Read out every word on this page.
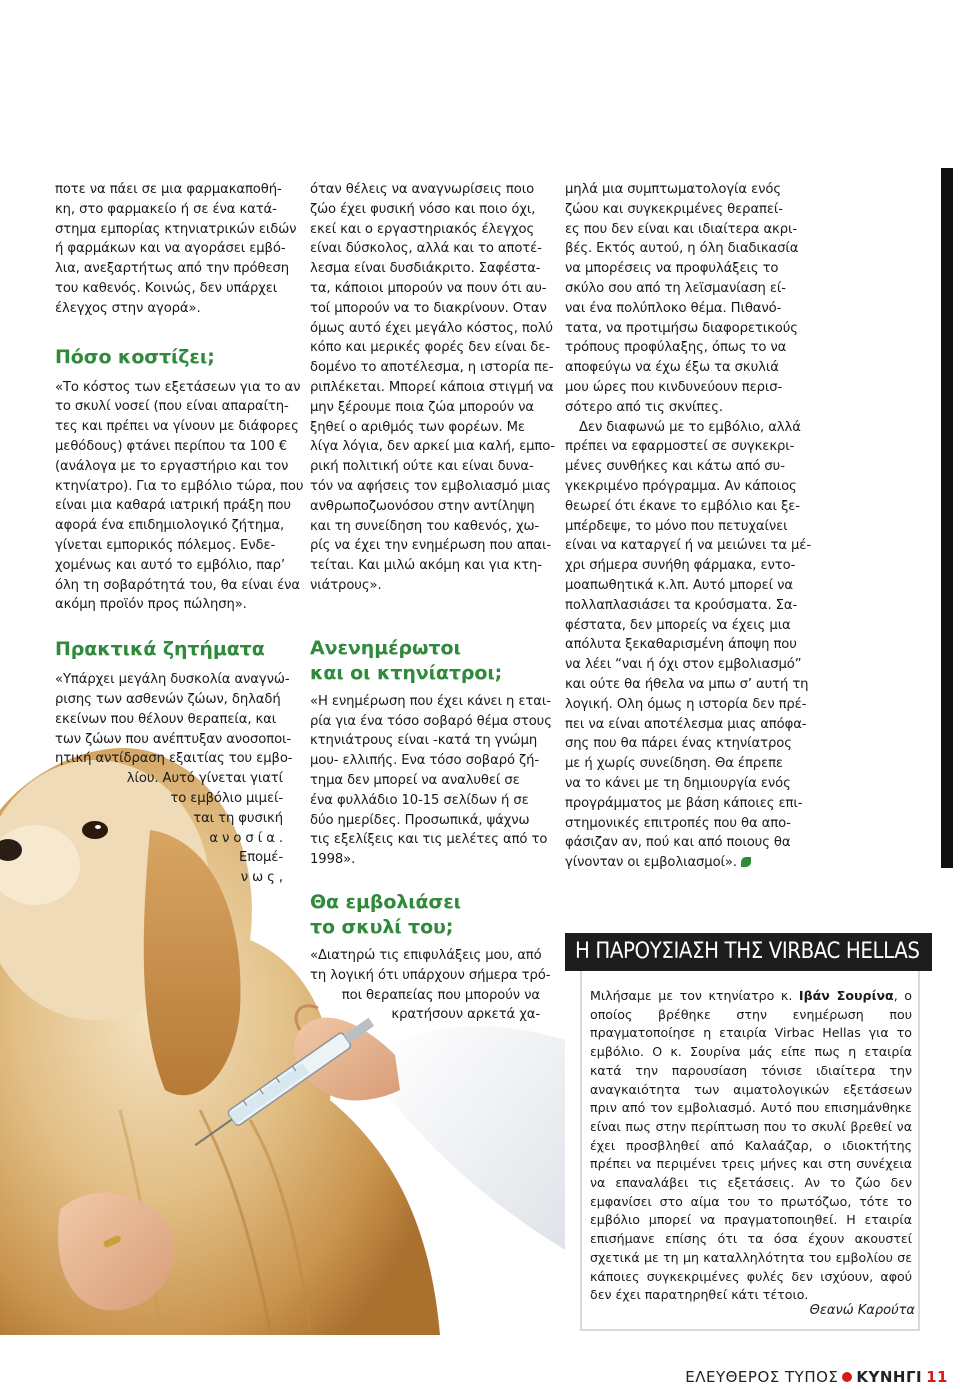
ποτε να πάει σε μια φαρμακαποθή-
κη, στο φαρμακείο ή σε ένα κατά-
στημα εμπορίας κτηνιατρικών ειδών
ή φαρμάκων και να αγοράσει εμβό-
λια, ανεξαρτήτως από την πρόθεση
του καθενός. Κοινώς, δεν υπάρχει
έλεγχος στην αγορά».
Πόσο κοστίζει;
«Το κόστος των εξετάσεων για το αν
το σκυλί νοσεί (που είναι απαραίτη-
τες και πρέπει να γίνουν με διάφορες
μεθόδους) φτάνει περίπου τα 100 €
(ανάλογα με το εργαστήριο και τον
κτηνίατρο). Για το εμβόλιο τώρα, που
είναι μια καθαρά ιατρική πράξη που
αφορά ένα επιδημιολογικό ζήτημα,
γίνεται εμπορικός πόλεμος. Ενδε-
χομένως και αυτό το εμβόλιο, παρ’
όλη τη σοβαρότητά του, θα είναι ένα
ακόμη προϊόν προς πώληση».
Πρακτικά ζητήματα
«Υπάρχει μεγάλη δυσκολία αναγνώ-
ρισης των ασθενών ζώων, δηλαδή
εκείνων που θέλουν θεραπεία, και
των ζώων που ανέπτυξαν ανοσοποι-
ητική αντίδραση εξαιτίας του εμβο-
λίου. Αυτό γίνεται γιατί
το εμβόλιο μιμεί-
ται τη φυσική
α ν ο σ ί α .
Επομέ-
ν ω ς ,
όταν θέλεις να αναγνωρίσεις ποιο
ζώο έχει φυσική νόσο και ποιο όχι,
εκεί και ο εργαστηριακός έλεγχος
είναι δύσκολος, αλλά και το αποτέ-
λεσμα είναι δυσδιάκριτο. Σαφέστα-
τα, κάποιοι μπορούν να πουν ότι αυ-
τοί μπορούν να το διακρίνουν. Οταν
όμως αυτό έχει μεγάλο κόστος, πολύ
κόπο και μερικές φορές δεν είναι δε-
δομένο το αποτέλεσμα, η ιστορία πε-
ριπλέκεται. Μπορεί κάποια στιγμή να
μην ξέρουμε ποια ζώα μπορούν να
ξηθεί ο αριθμός των φορέων. Με
λίγα λόγια, δεν αρκεί μια καλή, εμπο-
ρική πολιτική ούτε και είναι δυνα-
τόν να αφήσεις τον εμβολιασμό μιας
ανθρωποζωονόσου στην αντίληψη
και τη συνείδηση του καθενός, χω-
ρίς να έχει την ενημέρωση που απαι-
τείται. Και μιλώ ακόμη και για κτη-
νιάτρους».
Ανενημέρωτοι
και οι κτηνίατροι;
«Η ενημέρωση που έχει κάνει η εται-
ρία για ένα τόσο σοβαρό θέμα στους
κτηνιάτρους είναι -κατά τη γνώμη
μου- ελλιπής. Ενα τόσο σοβαρό ζή-
τημα δεν μπορεί να αναλυθεί σε
ένα φυλλάδιο 10-15 σελίδων ή σε
δύο ημερίδες. Προσωπικά, ψάχνω
τις εξελίξεις και τις μελέτες από το
1998».
Θα εμβολιάσει
το σκυλί του;
«Διατηρώ τις επιφυλάξεις μου, από
τη λογική ότι υπάρχουν σήμερα τρό-
ποι θεραπείας που μπορούν να
κρατήσουν αρκετά χα-
μηλά μια συμπτωματολογία ενός
ζώου και συγκεκριμένες θεραπεί-
ες που δεν είναι και ιδιαίτερα ακρι-
βές. Εκτός αυτού, η όλη διαδικασία
να μπορέσεις να προφυλάξεις το
σκύλο σου από τη λεϊσμανίαση εί-
ναι ένα πολύπλοκο θέμα. Πιθανό-
τατα, να προτιμήσω διαφορετικούς
τρόπους προφύλαξης, όπως το να
αποφεύγω να έχω έξω τα σκυλιά
μου ώρες που κινδυνεύουν περισ-
σότερο από τις σκνίπες.
Δεν διαφωνώ με το εμβόλιο, αλλά
πρέπει να εφαρμοστεί σε συγκεκρι-
μένες συνθήκες και κάτω από συ-
γκεκριμένο πρόγραμμα. Αν κάποιος
θεωρεί ότι έκανε το εμβόλιο και ξε-
μπέρδεψε, το μόνο που πετυχαίνει
είναι να καταργεί ή να μειώνει τα μέ-
χρι σήμερα συνήθη φάρμακα, εντο-
μοαπωθητικά κ.λπ. Αυτό μπορεί να
πολλαπλασιάσει τα κρούσματα. Σα-
φέστατα, δεν μπορείς να έχεις μια
απόλυτα ξεκαθαρισμένη άποψη που
να λέει “ναι ή όχι στον εμβολιασμό”
και ούτε θα ήθελα να μπω σ’ αυτή τη
λογική. Ολη όμως η ιστορία δεν πρέ-
πει να είναι αποτέλεσμα μιας απόφα-
σης που θα πάρει ένας κτηνίατρος
με ή χωρίς συνείδηση. Θα έπρεπε
να το κάνει με τη δημιουργία ενός
προγράμματος με βάση κάποιες επι-
στημονικές επιτροπές που θα απο-
φάσιζαν αν, πού και από ποιους θα
γίνονταν οι εμβολιασμοί».
Η ΠΑΡΟΥΣΙΑΣΗ ΤΗΣ VIRBAC HELLAS
Μιλήσαμε με τον κτηνίατρο κ. Ιβάν Σουρίνα, ο οποίος βρέθηκε στην ενημέρωση που πραγματοποίησε η εταιρία Virbac Hellas για το εμβόλιο. Ο κ. Σουρίνα μάς είπε πως η εταιρία κατά την παρουσίαση τόνισε ιδιαίτερα την αναγκαιότητα των αιματολογικών εξετάσεων πριν από τον εμβολιασμό. Αυτό που επισημάνθηκε είναι πως στην περίπτωση που το σκυλί βρεθεί να έχει προσβληθεί από Καλαάζαρ, ο ιδιοκτήτης πρέπει να περιμένει τρεις μήνες και στη συνέχεια να επαναλάβει τις εξετάσεις. Αν το ζώο δεν εμφανίσει στο αίμα του το πρωτόζωο, τότε το εμβόλιο μπορεί να πραγματοποιηθεί. Η εταιρία επισήμανε επίσης ότι τα όσα έχουν ακουστεί σχετικά με τη μη καταλληλότητα του εμβολίου σε κάποιες συγκεκριμένες φυλές δεν ισχύουν, αφού δεν έχει παρατηρηθεί κάτι τέτοιο.
Θεανώ Καρούτα
ΕΛΕΥΘΕΡΟΣ ΤΥΠΟΣ ΚΥΝΗΓΙ 11
